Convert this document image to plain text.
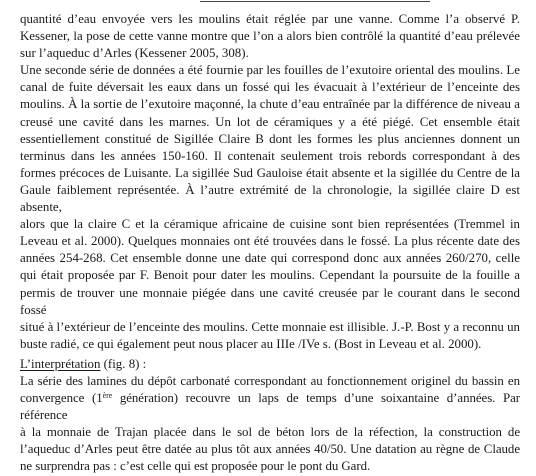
quantité d’eau envoyée vers les moulins était réglée par une vanne. Comme l’a observé P.
Kessener, la pose de cette vanne montre que l’on a alors bien contrôlé la quantité d’eau prélevée
sur l’aqueduc d’Arles (Kessener 2005, 308).

Une seconde série de données a été fournie par les fouilles de l’exutoire oriental des moulins. Le
canal de fuite déversait les eaux dans un fossé qui les évacuait à l’extérieur de l’enceinte des
moulins. À la sortie de l’exutoire maçonné, la chute d’eau entraînée par la différence de niveau a
creusé une cavité dans les marnes. Un lot de céramiques y a été piégé. Cet ensemble était
essentiellement constitué de Sigillée Claire B dont les formes les plus anciennes donnent un
terminus dans les années 150-160. Il contenait seulement trois rebords correspondant à des
formes précoces de Luisante. La sigillée Sud Gauloise était absente et la sigillée du Centre de la
Gaule faiblement représentée. À l’autre extrémité de la chronologie, la sigillée claire D est absente,
alors que la claire C et la céramique africaine de cuisine sont bien représentées (Tremmel in
Leveau et al. 2000). Quelques monnaies ont été trouvées dans le fossé. La plus récente date des
années 254-268. Cet ensemble donne une date qui correspond donc aux années 260/270, celle
qui était proposée par F. Benoit pour dater les moulins. Cependant la poursuite de la fouille a
permis de trouver une monnaie piégée dans une cavité creusée par le courant dans le second fossé
situé à l’extérieur de l’enceinte des moulins. Cette monnaie est illisible. J.-P. Bost y a reconnu un
buste radié, ce qui également peut nous placer au IIIe /IVe s. (Bost in Leveau et al. 2000).

L’interprétation (fig. 8) :

La série des lamines du dépôt carbonaté correspondant au fonctionnement originel du bassin en
convergence (1ère génération) recouvre un laps de temps d’une soixantaine d’années. Par référence
à la monnaie de Trajan placée dans le sol de béton lors de la réfection, la construction de
l’aqueduc d’Arles peut être datée au plus tôt aux années 40/50. Une datation au règne de Claude
ne surprendra pas : c’est celle qui est proposée pour le pont du Gard.
